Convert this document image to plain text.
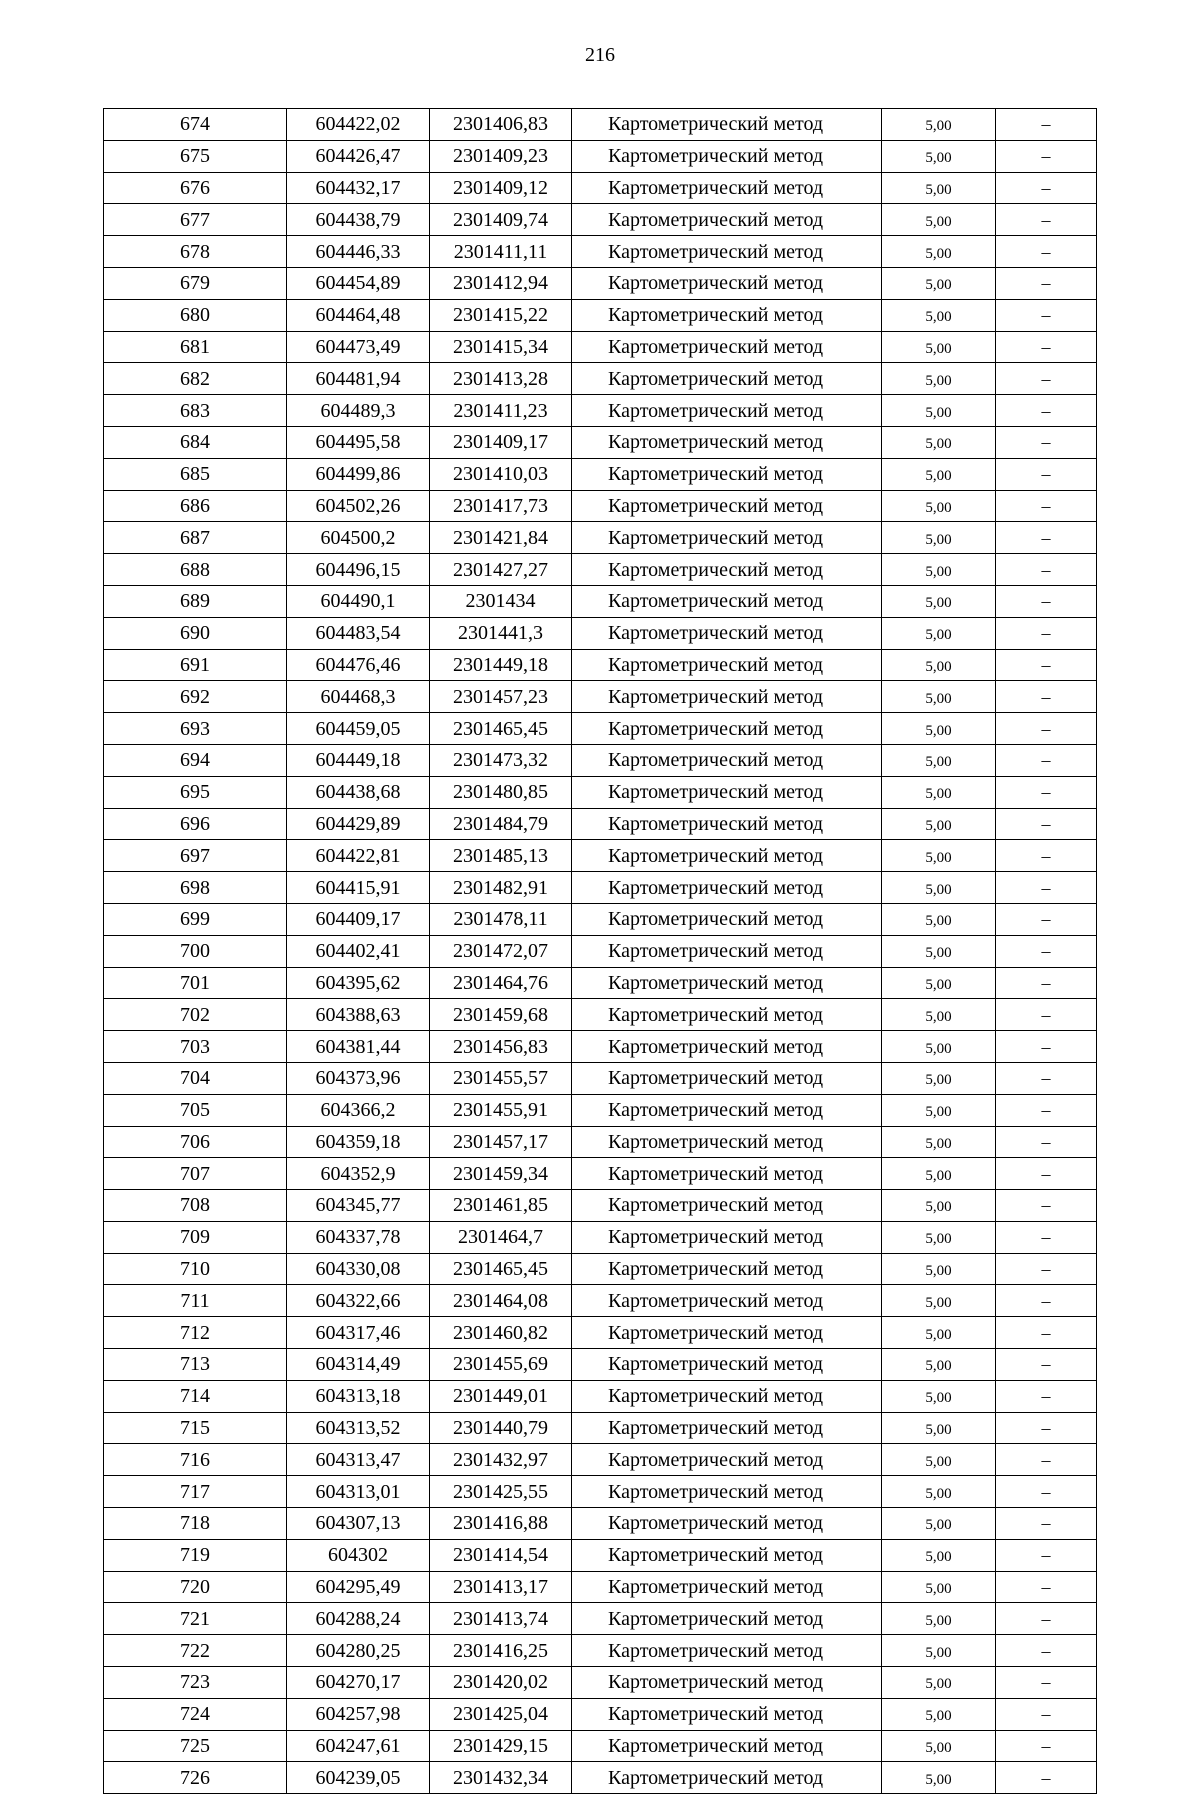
216
674	604422,02	2301406,83	Картометрический метод	5,00	–
675	604426,47	2301409,23	Картометрический метод	5,00	–
676	604432,17	2301409,12	Картометрический метод	5,00	–
677	604438,79	2301409,74	Картометрический метод	5,00	–
678	604446,33	2301411,11	Картометрический метод	5,00	–
679	604454,89	2301412,94	Картометрический метод	5,00	–
680	604464,48	2301415,22	Картометрический метод	5,00	–
681	604473,49	2301415,34	Картометрический метод	5,00	–
682	604481,94	2301413,28	Картометрический метод	5,00	–
683	604489,3	2301411,23	Картометрический метод	5,00	–
684	604495,58	2301409,17	Картометрический метод	5,00	–
685	604499,86	2301410,03	Картометрический метод	5,00	–
686	604502,26	2301417,73	Картометрический метод	5,00	–
687	604500,2	2301421,84	Картометрический метод	5,00	–
688	604496,15	2301427,27	Картометрический метод	5,00	–
689	604490,1	2301434	Картометрический метод	5,00	–
690	604483,54	2301441,3	Картометрический метод	5,00	–
691	604476,46	2301449,18	Картометрический метод	5,00	–
692	604468,3	2301457,23	Картометрический метод	5,00	–
693	604459,05	2301465,45	Картометрический метод	5,00	–
694	604449,18	2301473,32	Картометрический метод	5,00	–
695	604438,68	2301480,85	Картометрический метод	5,00	–
696	604429,89	2301484,79	Картометрический метод	5,00	–
697	604422,81	2301485,13	Картометрический метод	5,00	–
698	604415,91	2301482,91	Картометрический метод	5,00	–
699	604409,17	2301478,11	Картометрический метод	5,00	–
700	604402,41	2301472,07	Картометрический метод	5,00	–
701	604395,62	2301464,76	Картометрический метод	5,00	–
702	604388,63	2301459,68	Картометрический метод	5,00	–
703	604381,44	2301456,83	Картометрический метод	5,00	–
704	604373,96	2301455,57	Картометрический метод	5,00	–
705	604366,2	2301455,91	Картометрический метод	5,00	–
706	604359,18	2301457,17	Картометрический метод	5,00	–
707	604352,9	2301459,34	Картометрический метод	5,00	–
708	604345,77	2301461,85	Картометрический метод	5,00	–
709	604337,78	2301464,7	Картометрический метод	5,00	–
710	604330,08	2301465,45	Картометрический метод	5,00	–
711	604322,66	2301464,08	Картометрический метод	5,00	–
712	604317,46	2301460,82	Картометрический метод	5,00	–
713	604314,49	2301455,69	Картометрический метод	5,00	–
714	604313,18	2301449,01	Картометрический метод	5,00	–
715	604313,52	2301440,79	Картометрический метод	5,00	–
716	604313,47	2301432,97	Картометрический метод	5,00	–
717	604313,01	2301425,55	Картометрический метод	5,00	–
718	604307,13	2301416,88	Картометрический метод	5,00	–
719	604302	2301414,54	Картометрический метод	5,00	–
720	604295,49	2301413,17	Картометрический метод	5,00	–
721	604288,24	2301413,74	Картометрический метод	5,00	–
722	604280,25	2301416,25	Картометрический метод	5,00	–
723	604270,17	2301420,02	Картометрический метод	5,00	–
724	604257,98	2301425,04	Картометрический метод	5,00	–
725	604247,61	2301429,15	Картометрический метод	5,00	–
726	604239,05	2301432,34	Картометрический метод	5,00	–
